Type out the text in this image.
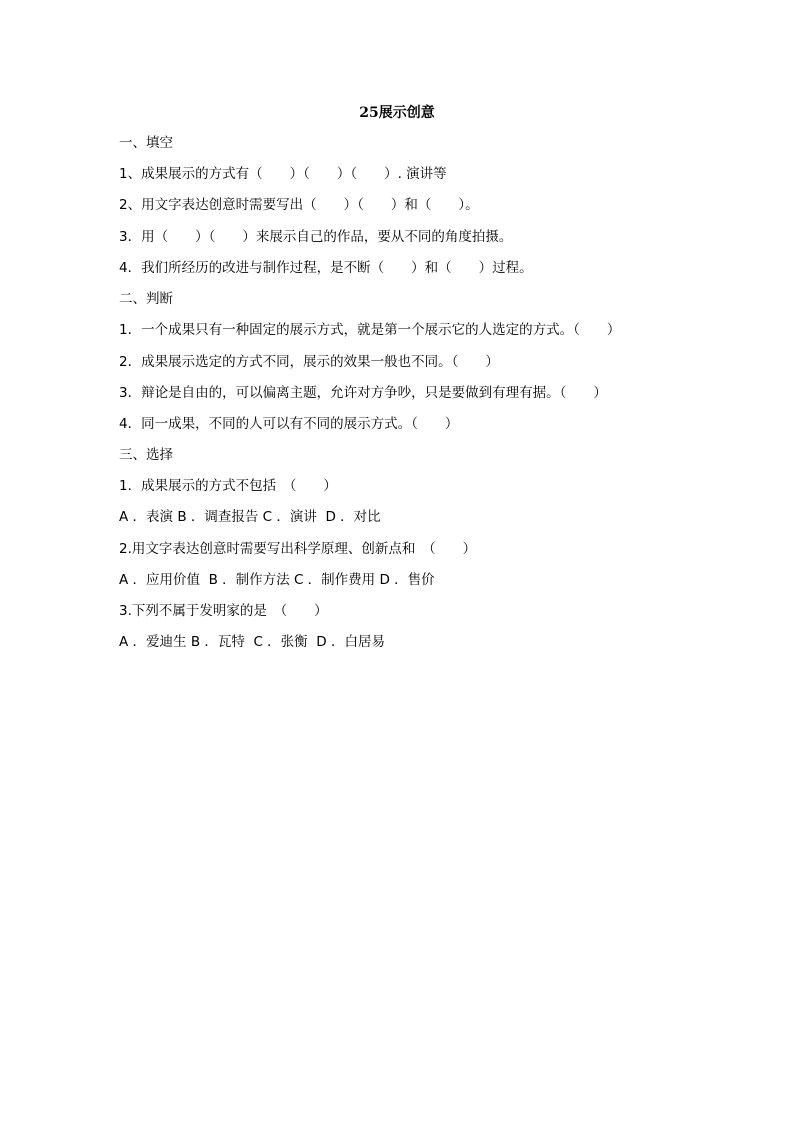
25展示创意
一、填空
1、成果展示的方式有（　　）（　　）（　　）. 演讲等
2、用文字表达创意时需要写出（　　）（　　）和（　　）。
3．用（　　）（　　）来展示自己的作品，要从不同的角度拍摄。
4．我们所经历的改进与制作过程，是不断（　　）和（　　）过程。
二、判断
1．一个成果只有一种固定的展示方式，就是第一个展示它的人选定的方式。（　　）
2．成果展示选定的方式不同，展示的效果一般也不同。（　　）
3．辩论是自由的，可以偏离主题，允许对方争吵，只是要做到有理有据。（　　）
4．同一成果，不同的人可以有不同的展示方式。（　　）
三、选择
1．成果展示的方式不包括　（　　）
A ．表演 B ．调查报告 C ．演讲  D ．对比
2.用文字表达创意时需要写出科学原理、创新点和　（　　）
A ．应用价值  B ．制作方法 C ．制作费用 D ．售价
3.下列不属于发明家的是　（　　）
A ．爱迪生 B ．瓦特  C ．张衡  D ．白居易
